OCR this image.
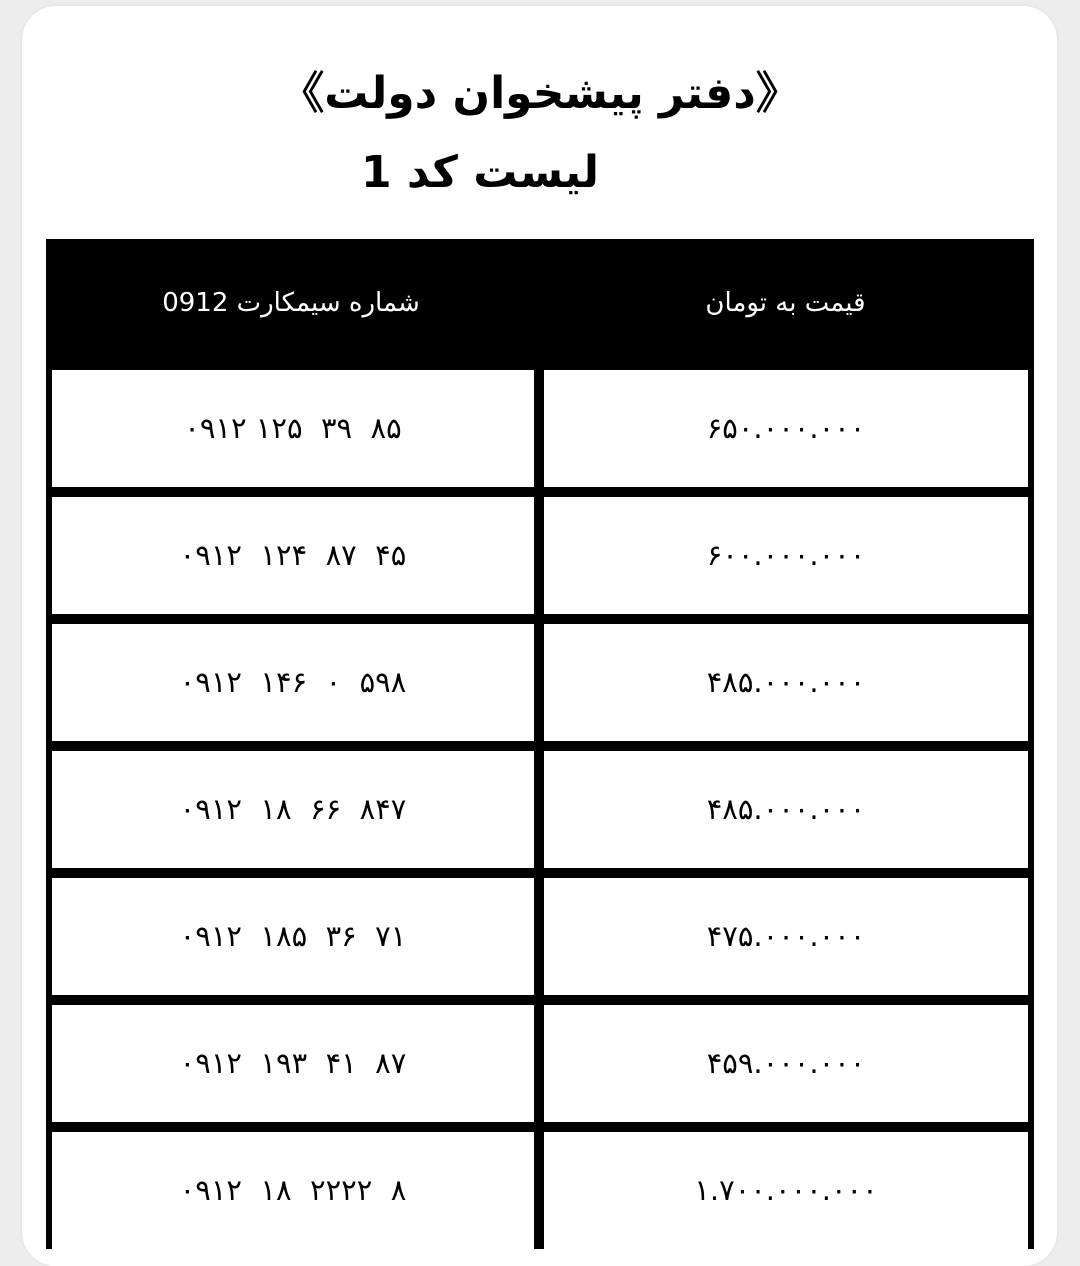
《دفتر پیشخوان دولت》
لیست کد 1
شماره سیمکارت 0912	قیمت به تومان
۰۹۱۲ ۱۲۵  ۳۹  ۸۵	۶۵۰.۰۰۰.۰۰۰
۰۹۱۲  ۱۲۴  ۸۷  ۴۵	۶۰۰.۰۰۰.۰۰۰
۰۹۱۲  ۱۴۶  ۰  ۵۹۸	۴۸۵.۰۰۰.۰۰۰
۰۹۱۲  ۱۸  ۶۶  ۸۴۷	۴۸۵.۰۰۰.۰۰۰
۰۹۱۲  ۱۸۵  ۳۶  ۷۱	۴۷۵.۰۰۰.۰۰۰
۰۹۱۲  ۱۹۳  ۴۱  ۸۷	۴۵۹.۰۰۰.۰۰۰
۰۹۱۲  ۱۸  ۲۲۲۲  ۸	۱.۷۰۰.۰۰۰.۰۰۰
